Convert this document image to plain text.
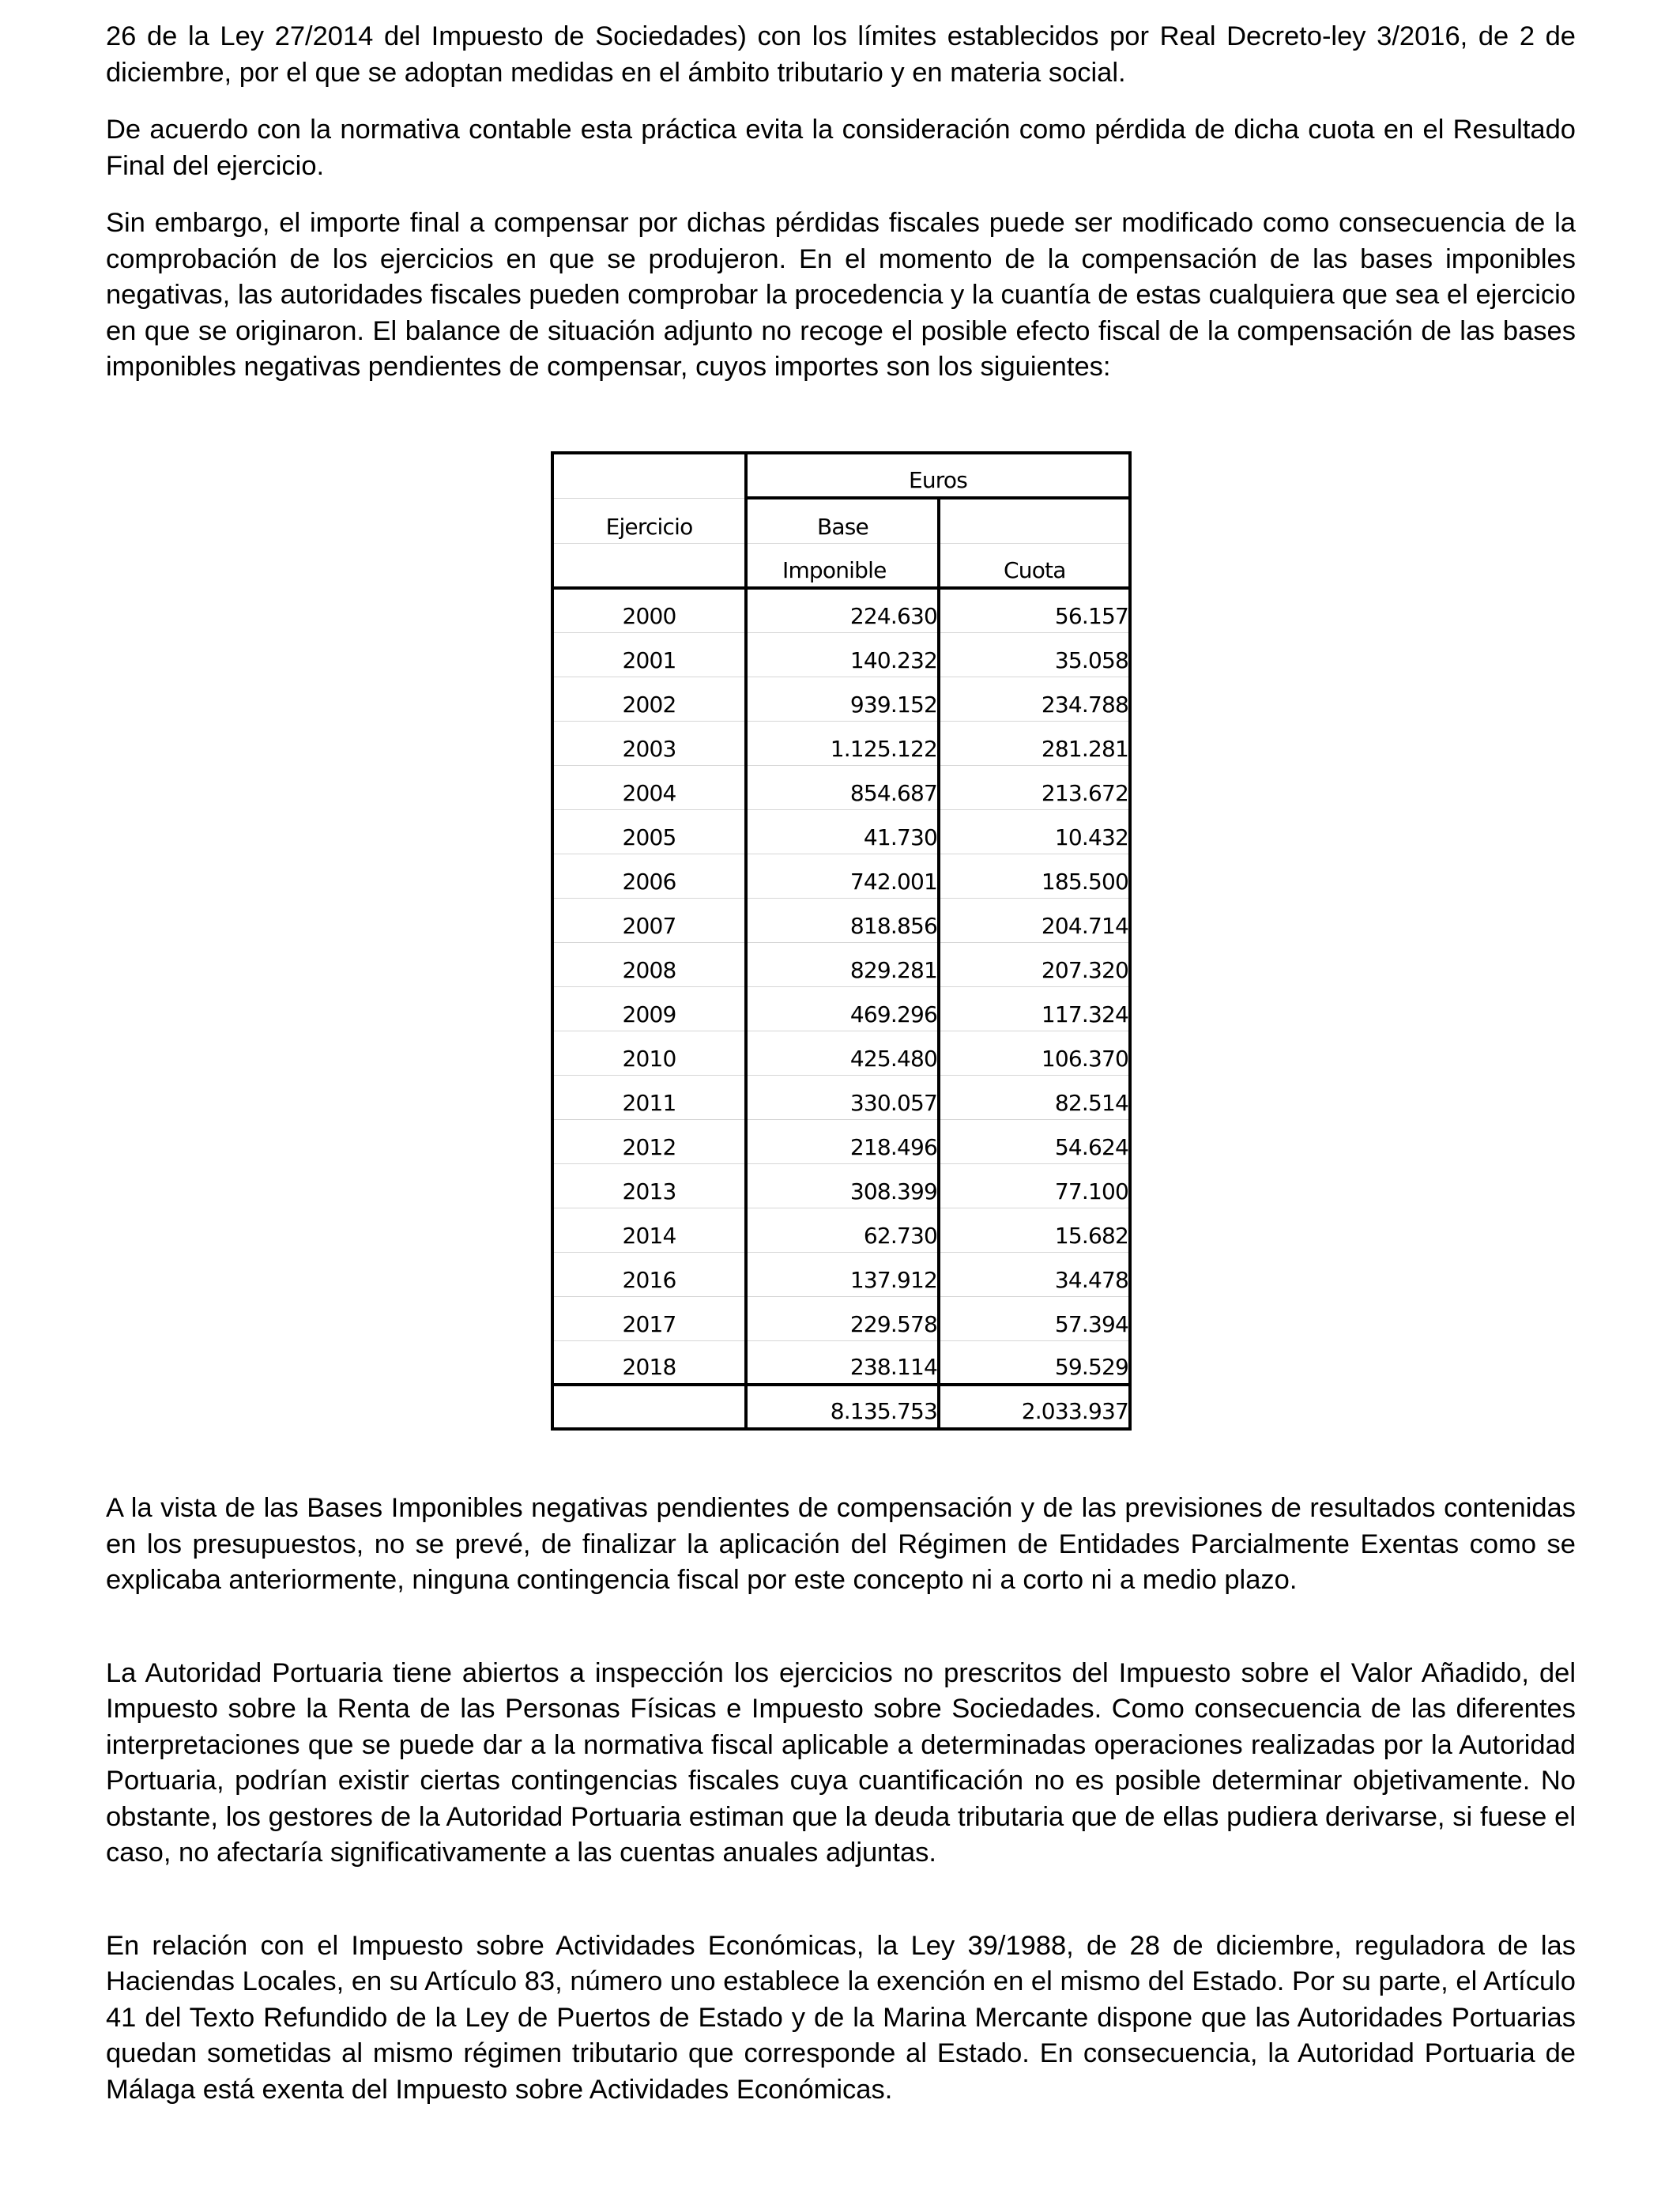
26 de la Ley 27/2014 del Impuesto de Sociedades) con los límites establecidos por Real Decreto-ley 3/2016, de 2 de diciembre, por el que se adoptan medidas en el ámbito tributario y en materia social.

De acuerdo con la normativa contable esta práctica evita la consideración como pérdida de dicha cuota en el Resultado Final del ejercicio.

Sin embargo, el importe final a compensar por dichas pérdidas fiscales puede ser modificado como consecuencia de la comprobación de los ejercicios en que se produjeron. En el momento de la compensación de las bases imponibles negativas, las autoridades fiscales pueden comprobar la procedencia y la cuantía de estas cualquiera que sea el ejercicio en que se originaron. El balance de situación adjunto no recoge el posible efecto fiscal de la compensación de las bases imponibles negativas pendientes de compensar, cuyos importes son los siguientes:

	Euros	
Ejercicio	Base	
	Imponible	Cuota
2000	224.630	56.157
2001	140.232	35.058
2002	939.152	234.788
2003	1.125.122	281.281
2004	854.687	213.672
2005	41.730	10.432
2006	742.001	185.500
2007	818.856	204.714
2008	829.281	207.320
2009	469.296	117.324
2010	425.480	106.370
2011	330.057	82.514
2012	218.496	54.624
2013	308.399	77.100
2014	62.730	15.682
2016	137.912	34.478
2017	229.578	57.394
2018	238.114	59.529
	8.135.753	2.033.937

A la vista de las Bases Imponibles negativas pendientes de compensación y de las previsiones de resultados contenidas en los presupuestos, no se prevé, de finalizar la aplicación del Régimen de Entidades Parcialmente Exentas como se explicaba anteriormente, ninguna contingencia fiscal por este concepto ni a corto ni a medio plazo.

La Autoridad Portuaria tiene abiertos a inspección los ejercicios no prescritos del Impuesto sobre el Valor Añadido, del Impuesto sobre la Renta de las Personas Físicas e Impuesto sobre Sociedades. Como consecuencia de las diferentes interpretaciones que se puede dar a la normativa fiscal aplicable a determinadas operaciones realizadas por la Autoridad Portuaria, podrían existir ciertas contingencias fiscales cuya cuantificación no es posible determinar objetivamente. No obstante, los gestores de la Autoridad Portuaria estiman que la deuda tributaria que de ellas pudiera derivarse, si fuese el caso, no afectaría significativamente a las cuentas anuales adjuntas.

En relación con el Impuesto sobre Actividades Económicas, la Ley 39/1988, de 28 de diciembre, reguladora de las Haciendas Locales, en su Artículo 83, número uno establece la exención en el mismo del Estado. Por su parte, el Artículo 41 del Texto Refundido de la Ley de Puertos de Estado y de la Marina Mercante dispone que las Autoridades Portuarias quedan sometidas al mismo régimen tributario que corresponde al Estado. En consecuencia, la Autoridad Portuaria de Málaga está exenta del Impuesto sobre Actividades Económicas.
